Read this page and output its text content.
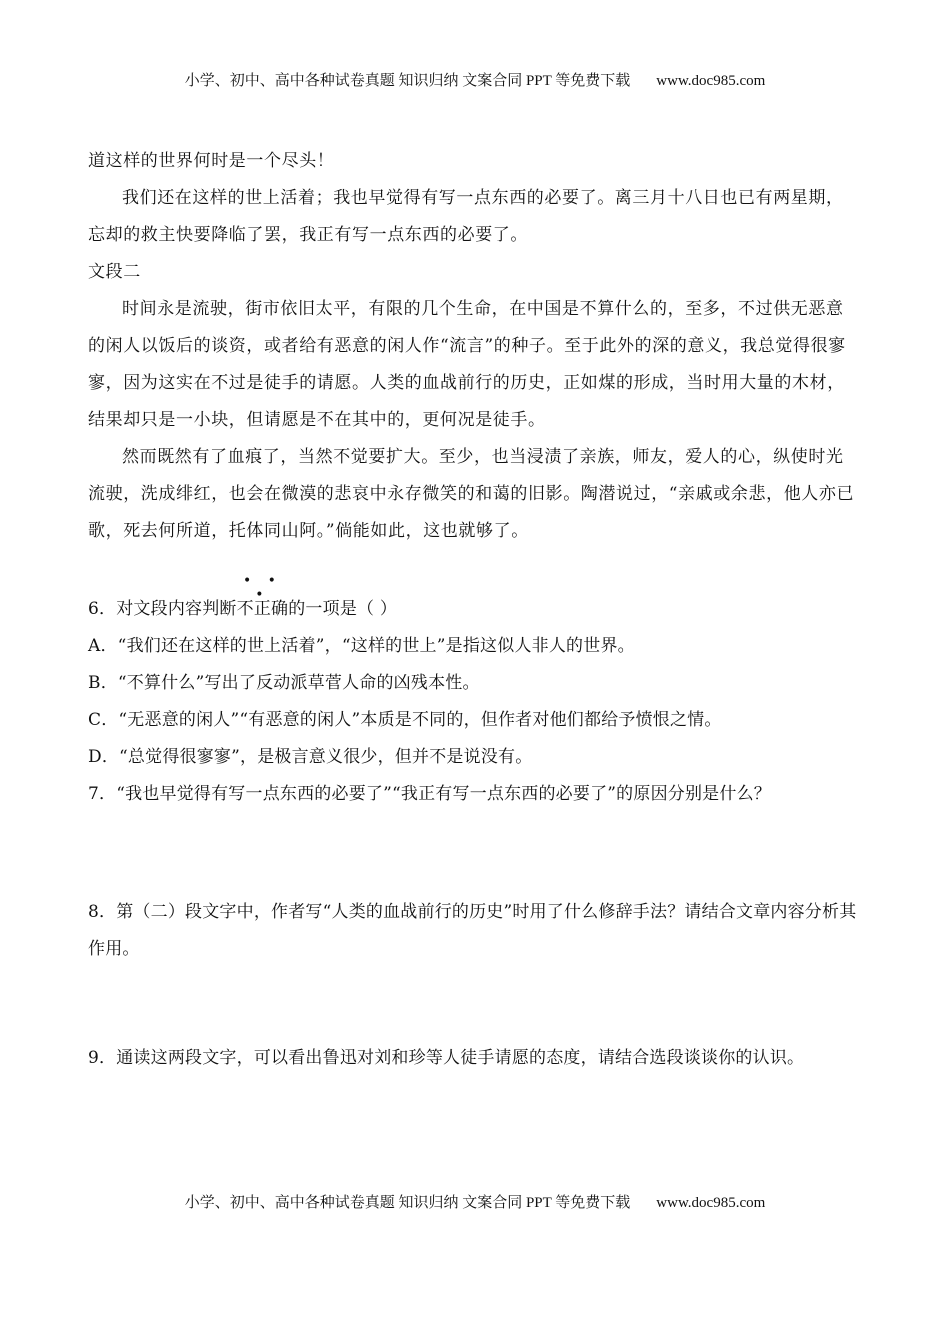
小学、初中、高中各种试卷真题 知识归纳 文案合同 PPT 等免费下载 www.doc985.com

道这样的世界何时是一个尽头！

我们还在这样的世上活着；我也早觉得有写一点东西的必要了。离三月十八日也已有两星期，忘却的救主快要降临了罢，我正有写一点东西的必要了。

文段二

时间永是流驶，街市依旧太平，有限的几个生命，在中国是不算什么的，至多，不过供无恶意的闲人以饭后的谈资，或者给有恶意的闲人作“流言”的种子。至于此外的深的意义，我总觉得很寥寥，因为这实在不过是徒手的请愿。人类的血战前行的历史，正如煤的形成，当时用大量的木材，结果却只是一小块，但请愿是不在其中的，更何况是徒手。

然而既然有了血痕了，当然不觉要扩大。至少，也当浸渍了亲族，师友，爱人的心，纵使时光流驶，洗成绯红，也会在微漠的悲哀中永存微笑的和蔼的旧影。陶潜说过，“亲戚或余悲，他人亦已歌，死去何所道，托体同山阿。”倘能如此，这也就够了。

6．对文段内容判断
• • •
不正确的一项是（ ）

A．“我们还在这样的世上活着”，“这样的世上”是指这似人非人的世界。

B．“不算什么”写出了反动派草菅人命的凶残本性。

C．“无恶意的闲人”“有恶意的闲人”本质是不同的，但作者对他们都给予愤恨之情。

D．“总觉得很寥寥”，是极言意义很少，但并不是说没有。

7．“我也早觉得有写一点东西的必要了”“我正有写一点东西的必要了”的原因分别是什么？

8．第（二）段文字中，作者写“人类的血战前行的历史”时用了什么修辞手法？请结合文章内容分析其作用。

9．通读这两段文字，可以看出鲁迅对刘和珍等人徒手请愿的态度，请结合选段谈谈你的认识。

小学、初中、高中各种试卷真题 知识归纳 文案合同 PPT 等免费下载 www.doc985.com
